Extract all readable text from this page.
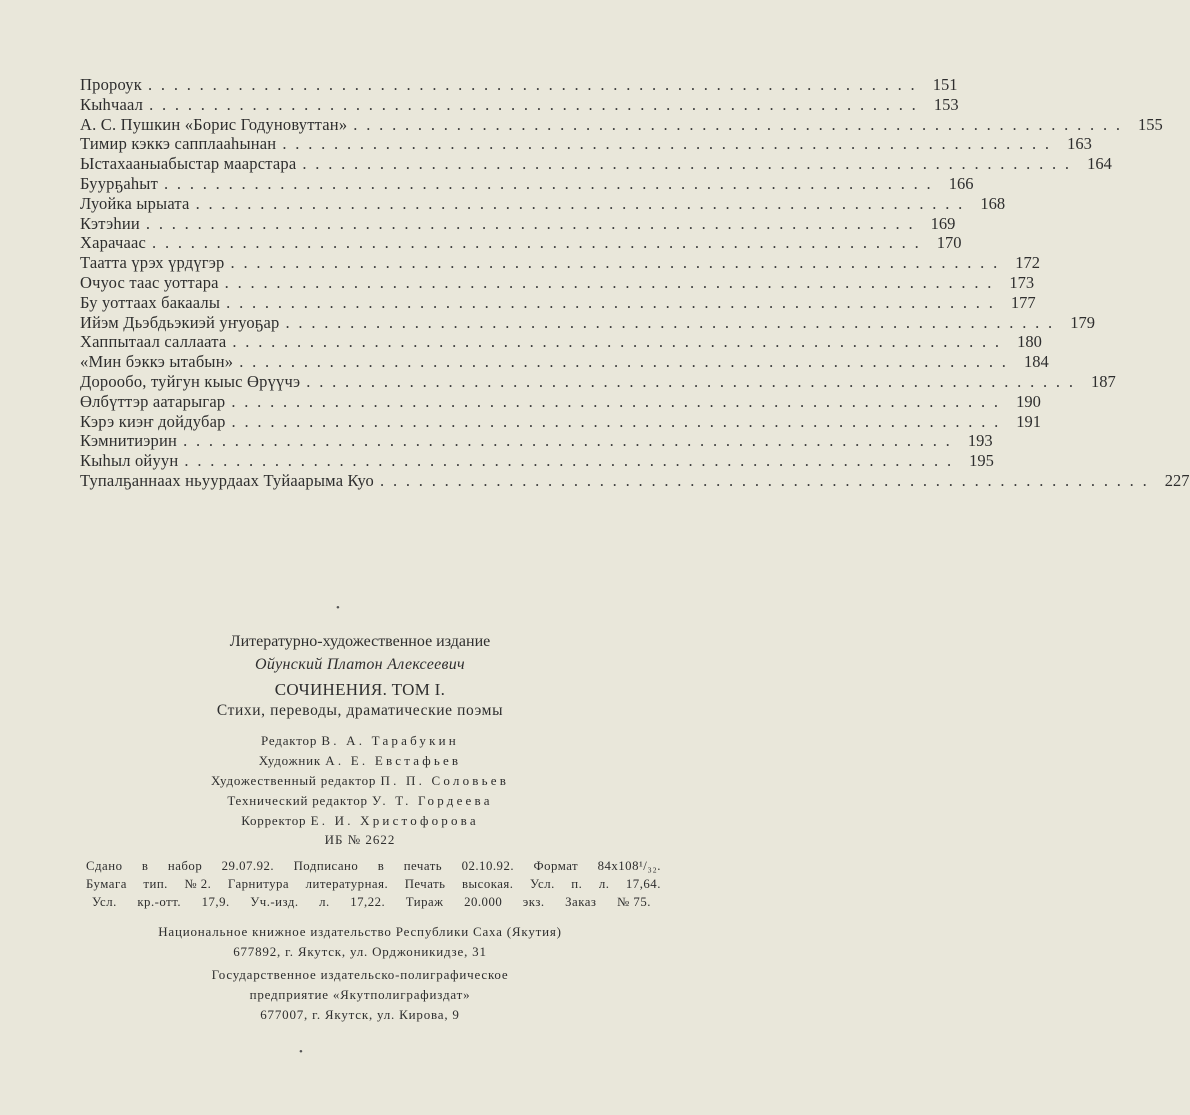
Пророук ............................................................ 151
Кыһчаал ............................................................ 153
А. С. Пушкин «Борис Годуновуттан» ............................................................ 155
Тимир кэккэ сапплааһынан ............................................................ 163
Ыстахааныабыстар маарстара ............................................................ 164
Буурҕаһыт ............................................................ 166
Луойка ырыата ............................................................ 168
Кэтэһии ............................................................ 169
Харачаас ............................................................ 170
Таатта үрэх үрдүгэр ............................................................ 172
Очуос таас уоттара ............................................................ 173
Бу уоттаах бакаалы ............................................................ 177
Ийэм Дьэбдьэкиэй уҥуоҕар ............................................................ 179
Хаппытаал саллаата ............................................................ 180
«Мин бэккэ ытабын» ............................................................ 184
Дорообо, туйгун кыыс Өрүүчэ ............................................................ 187
Өлбүттэр аатарыгар ............................................................ 190
Кэрэ киэҥ дойдубар ............................................................ 191
Кэмнитиэрин ............................................................ 193
Кыһыл ойуун ............................................................ 195
Тупалҕаннаах ньуурдаах Туйаарыма Куо ............................................................ 227
Литературно-художественное издание
Ойунский Платон Алексеевич
СОЧИНЕНИЯ. ТОМ I.
Стихи, переводы, драматические поэмы
Редактор В. А. Тарабукин
Художник А. Е. Евстафьев
Художественный редактор П. П. Соловьев
Технический редактор У. Т. Гордеева
Корректор Е. И. Христофорова
ИБ № 2622
Сдано в набор 29.07.92. Подписано в печать 02.10.92. Формат 84x108¹/₃₂.
Бумага тип. № 2. Гарнитура литературная. Печать высокая. Усл. п. л. 17,64.
Усл. кр.-отт. 17,9. Уч.-изд. л. 17,22. Тираж 20.000 экз. Заказ № 75.
Национальное книжное издательство Республики Саха (Якутия)
677892, г. Якутск, ул. Орджоникидзе, 31
Государственное издательско-полиграфическое
предприятие «Якутполиграфиздат»
677007, г. Якутск, ул. Кирова, 9
•
•
